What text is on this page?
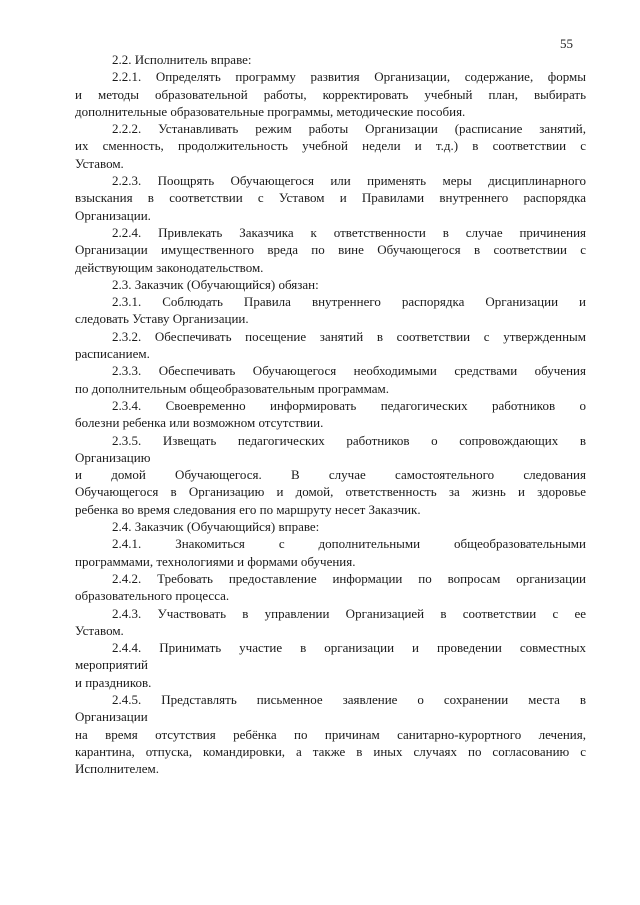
55
2.2. Исполнитель вправе:
2.2.1. Определять программу развития Организации, содержание, формы
и методы образовательной работы, корректировать учебный план, выбирать
дополнительные образовательные программы, методические пособия.
2.2.2. Устанавливать режим работы Организации (расписание занятий,
их сменность, продолжительность учебной недели и т.д.) в соответствии с
Уставом.
2.2.3. Поощрять Обучающегося или применять меры дисциплинарного
взыскания в соответствии с Уставом и Правилами внутреннего распорядка
Организации.
2.2.4. Привлекать Заказчика к ответственности в случае причинения
Организации имущественного вреда по вине Обучающегося в соответствии с
действующим законодательством.
2.3. Заказчик (Обучающийся) обязан:
2.3.1. Соблюдать Правила внутреннего распорядка Организации и
следовать Уставу Организации.
2.3.2. Обеспечивать посещение занятий в соответствии с утвержденным
расписанием.
2.3.3. Обеспечивать Обучающегося необходимыми средствами обучения
по дополнительным общеобразовательным программам.
2.3.4. Своевременно информировать педагогических работников о
болезни ребенка или возможном отсутствии.
2.3.5. Извещать педагогических работников о сопровождающих в
Организацию
и домой Обучающегося. В случае самостоятельного следования
Обучающегося в Организацию и домой, ответственность за жизнь и здоровье
ребенка во время следования его по маршруту несет Заказчик.
2.4. Заказчик (Обучающийся) вправе:
2.4.1. Знакомиться с дополнительными общеобразовательными
программами, технологиями и формами обучения.
2.4.2. Требовать предоставление информации по вопросам организации
образовательного процесса.
2.4.3. Участвовать в управлении Организацией в соответствии с ее
Уставом.
2.4.4. Принимать участие в организации и проведении совместных
мероприятий
и праздников.
2.4.5. Представлять письменное заявление о сохранении места в
Организации
на время отсутствия ребёнка по причинам санитарно-курортного лечения,
карантина, отпуска, командировки, а также в иных случаях по согласованию с
Исполнителем.
